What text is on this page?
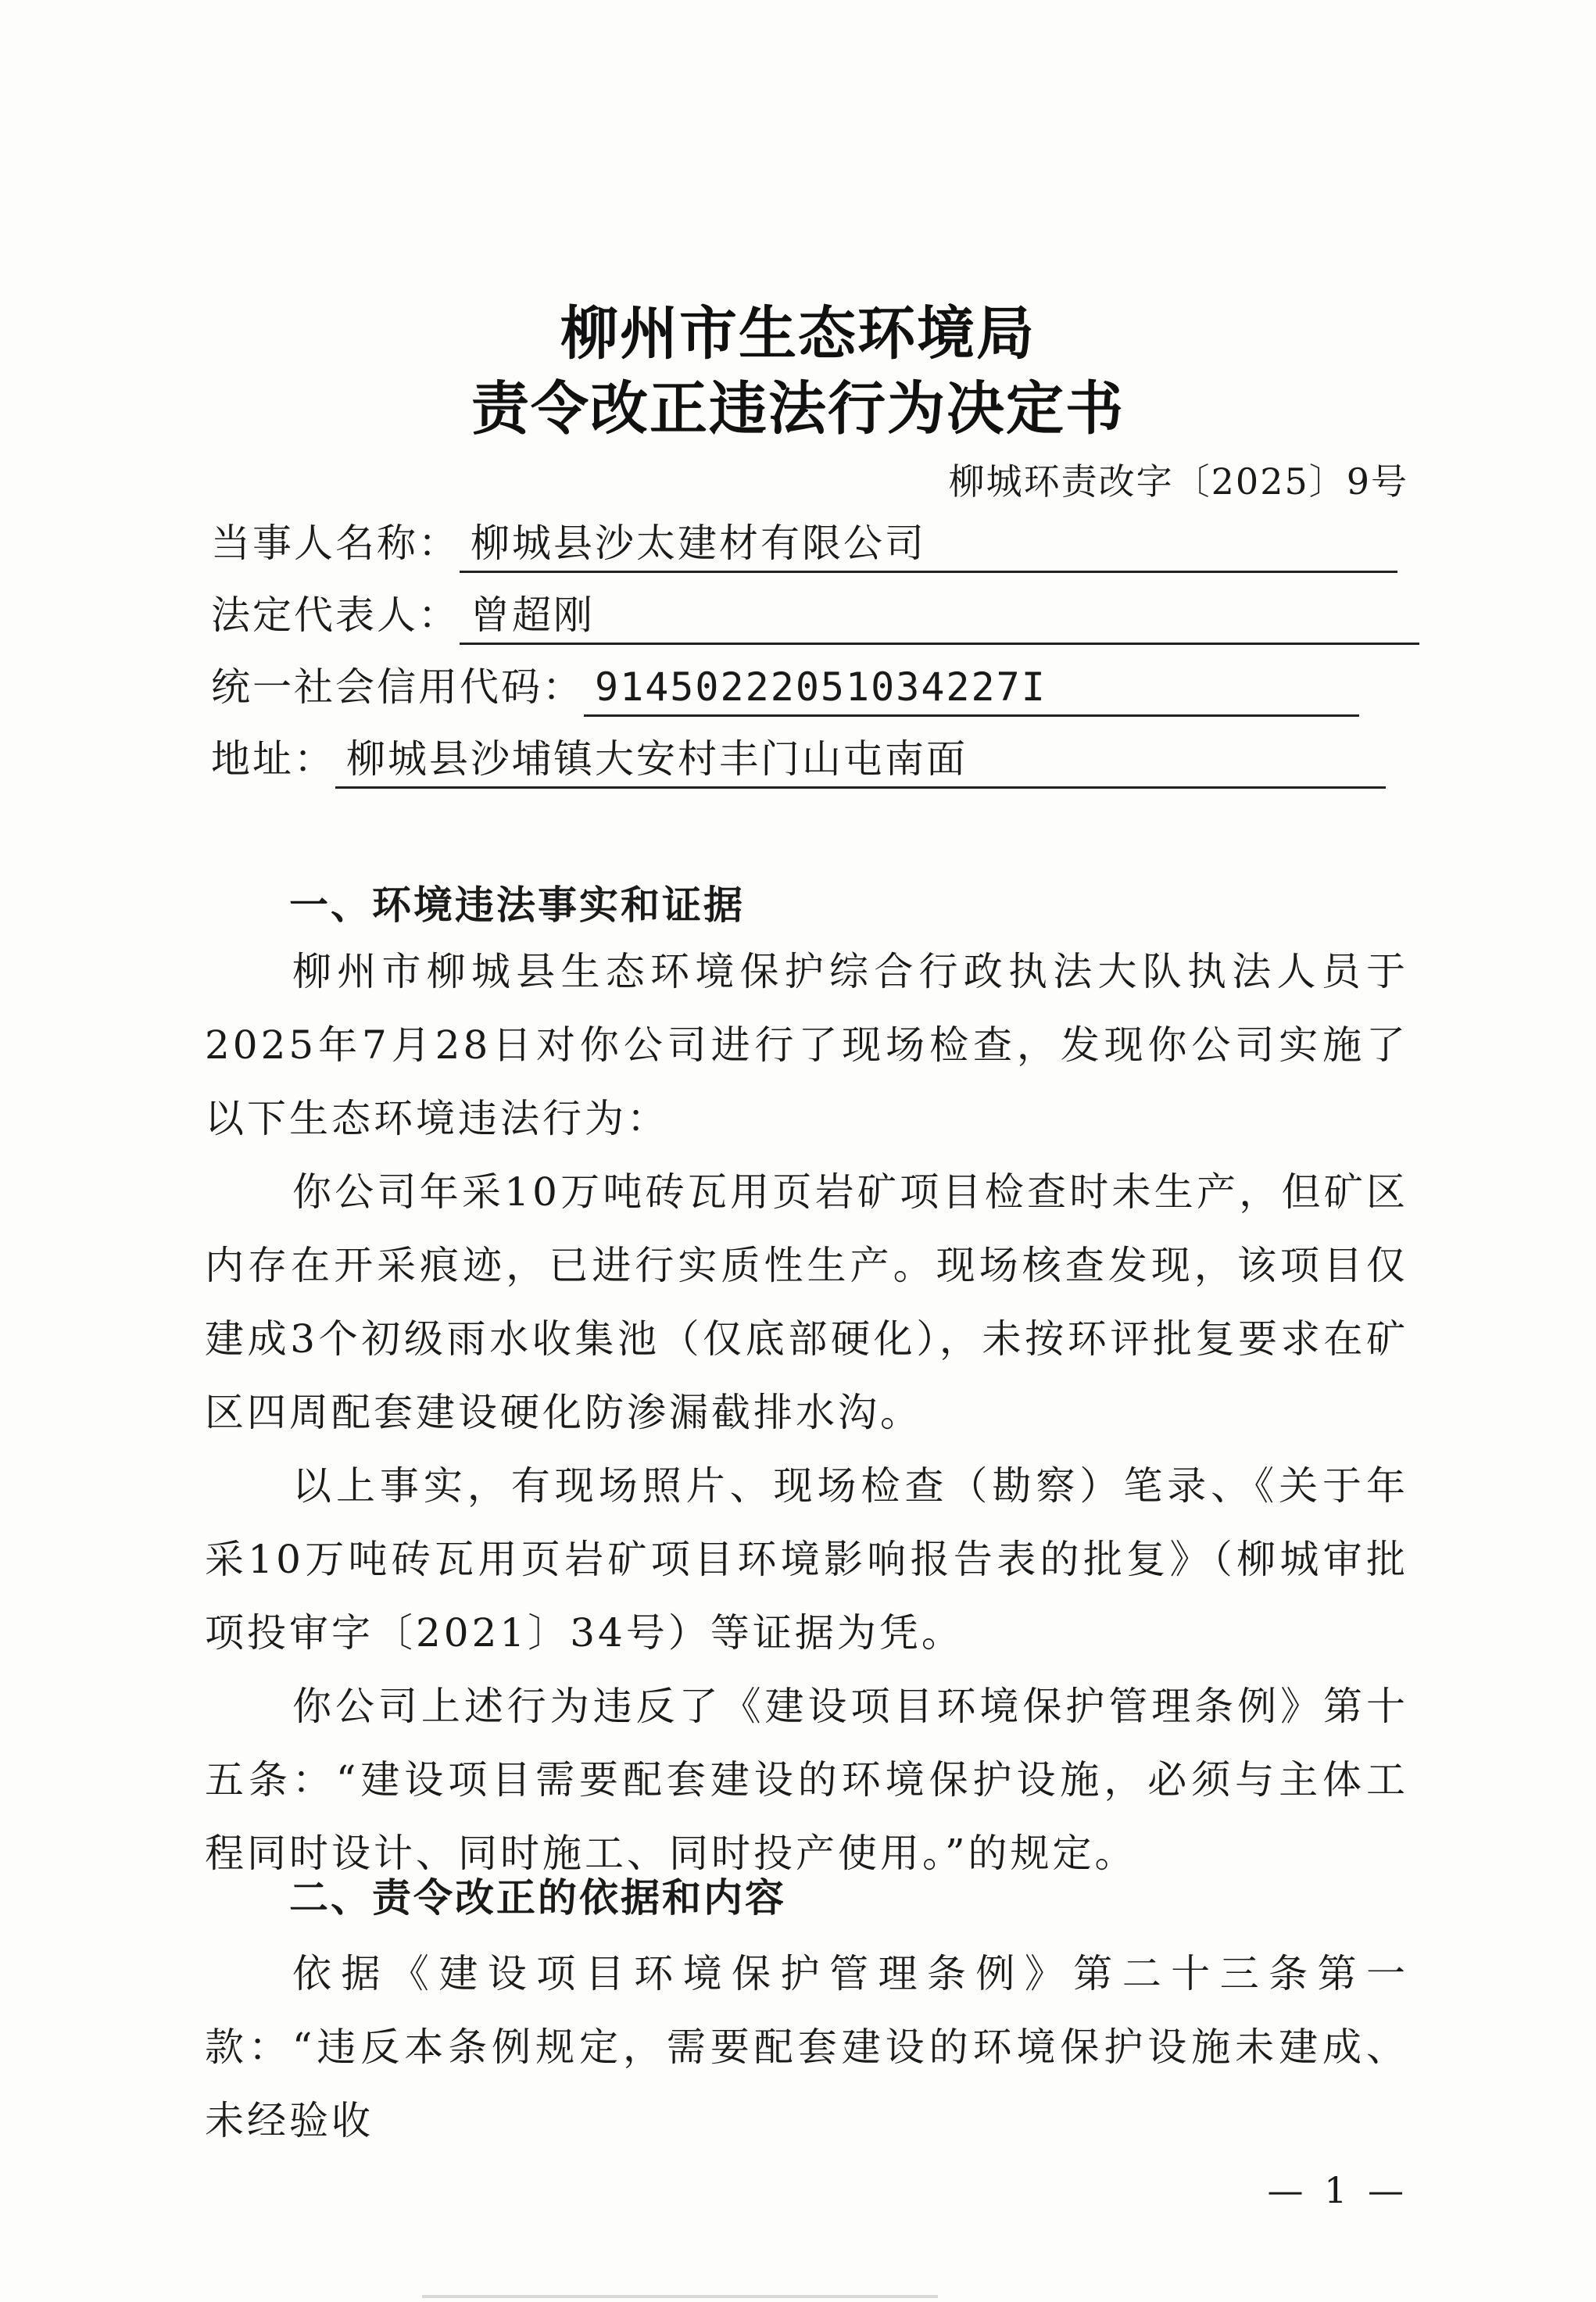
柳州市生态环境局
责令改正违法行为决定书
柳城环责改字〔2025〕9号
当事人名称： 柳城县沙太建材有限公司
法定代表人： 曾超刚
统一社会信用代码： 91450222051034227I
地址： 柳城县沙埔镇大安村丰门山屯南面
一、环境违法事实和证据

柳州市柳城县生态环境保护综合行政执法大队执法人员于2025年7月28日对你公司进行了现场检查，发现你公司实施了以下生态环境违法行为：

你公司年采10万吨砖瓦用页岩矿项目检查时未生产，但矿区内存在开采痕迹，已进行实质性生产。现场核查发现，该项目仅建成3个初级雨水收集池（仅底部硬化），未按环评批复要求在矿区四周配套建设硬化防渗漏截排水沟。

以上事实，有现场照片、现场检查（勘察）笔录、《关于年采10万吨砖瓦用页岩矿项目环境影响报告表的批复》（柳城审批项投审字〔2021〕34号）等证据为凭。

你公司上述行为违反了《建设项目环境保护管理条例》第十五条：“建设项目需要配套建设的环境保护设施，必须与主体工程同时设计、同时施工、同时投产使用。”的规定。

二、责令改正的依据和内容

依据《建设项目环境保护管理条例》第二十三条第一款：“违反本条例规定，需要配套建设的环境保护设施未建成、未经验收

— 1 —
